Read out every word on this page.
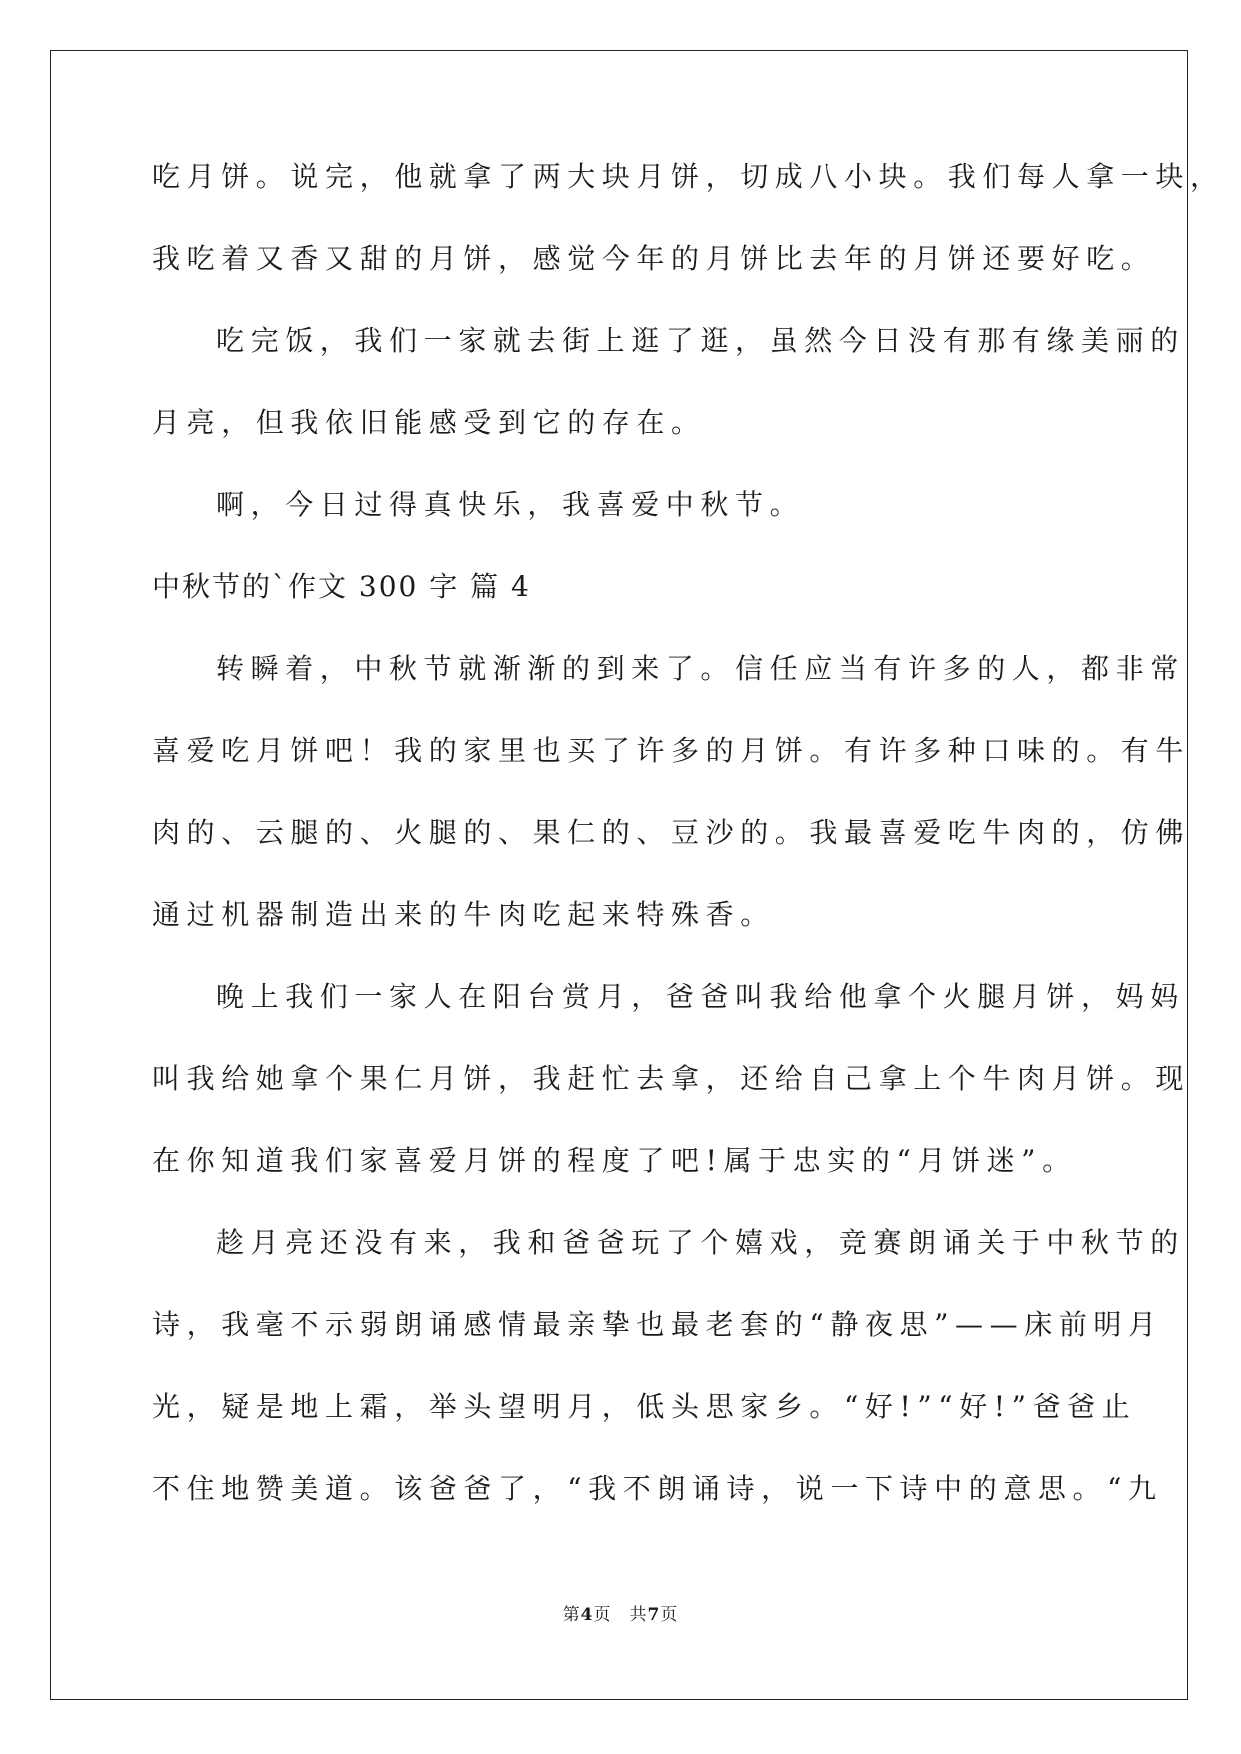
吃月饼。说完，他就拿了两大块月饼，切成八小块。我们每人拿一块，

我吃着又香又甜的月饼，感觉今年的月饼比去年的月饼还要好吃。

吃完饭，我们一家就去街上逛了逛，虽然今日没有那有缘美丽的

月亮，但我依旧能感受到它的存在。

啊，今日过得真快乐，我喜爱中秋节。

中秋节的`作文 300 字 篇 4

转瞬着，中秋节就渐渐的到来了。信任应当有许多的人，都非常

喜爱吃月饼吧！我的家里也买了许多的月饼。有许多种口味的。有牛

肉的、云腿的、火腿的、果仁的、豆沙的。我最喜爱吃牛肉的，仿佛

通过机器制造出来的牛肉吃起来特殊香。

晚上我们一家人在阳台赏月，爸爸叫我给他拿个火腿月饼，妈妈

叫我给她拿个果仁月饼，我赶忙去拿，还给自己拿上个牛肉月饼。现

在你知道我们家喜爱月饼的程度了吧!属于忠实的“月饼迷”。

趁月亮还没有来，我和爸爸玩了个嬉戏，竞赛朗诵关于中秋节的

诗，我毫不示弱朗诵感情最亲挚也最老套的“静夜思”——床前明月

光，疑是地上霜，举头望明月，低头思家乡。“好!”“好!”爸爸止

不住地赞美道。该爸爸了，“我不朗诵诗，说一下诗中的意思。“九

第4页 共7页
